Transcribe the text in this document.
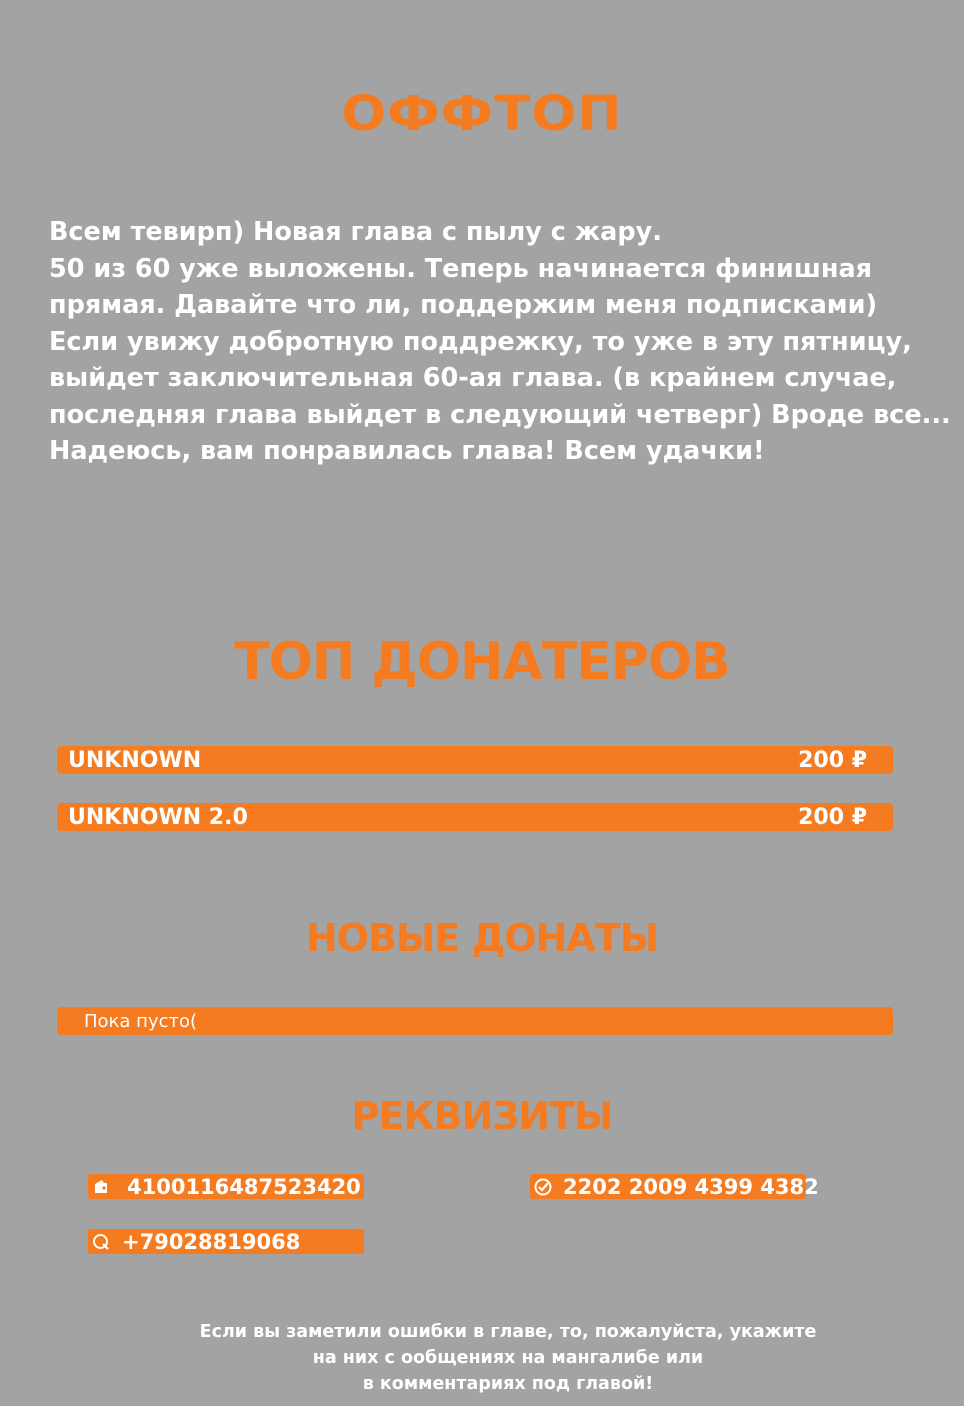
ОФФТОП

Всем тевирп) Новая глава с пылу с жару.
50 из 60 уже выложены. Теперь начинается финишная
прямая. Давайте что ли, поддержим меня подписками)
Если увижу добротную поддрежку, то уже в эту пятницу,
выйдет заключительная 60-ая глава. (в крайнем случае,
последняя глава выйдет в следующий четверг) Вроде все...
Надеюсь, вам понравилась глава! Всем удачки!

ТОП ДОНАТЕРОВ
UNKNOWN	200 ₽
UNKNOWN 2.0	200 ₽
НОВЫЕ ДОНАТЫ
Пока пусто(
РЕКВИЗИТЫ
4100116487523420	2202 2009 4399 4382
+79028819068

Если вы заметили ошибки в главе, то, пожалуйста, укажите
на них с ообщениях на мангалибе или
в комментариях под главой!
